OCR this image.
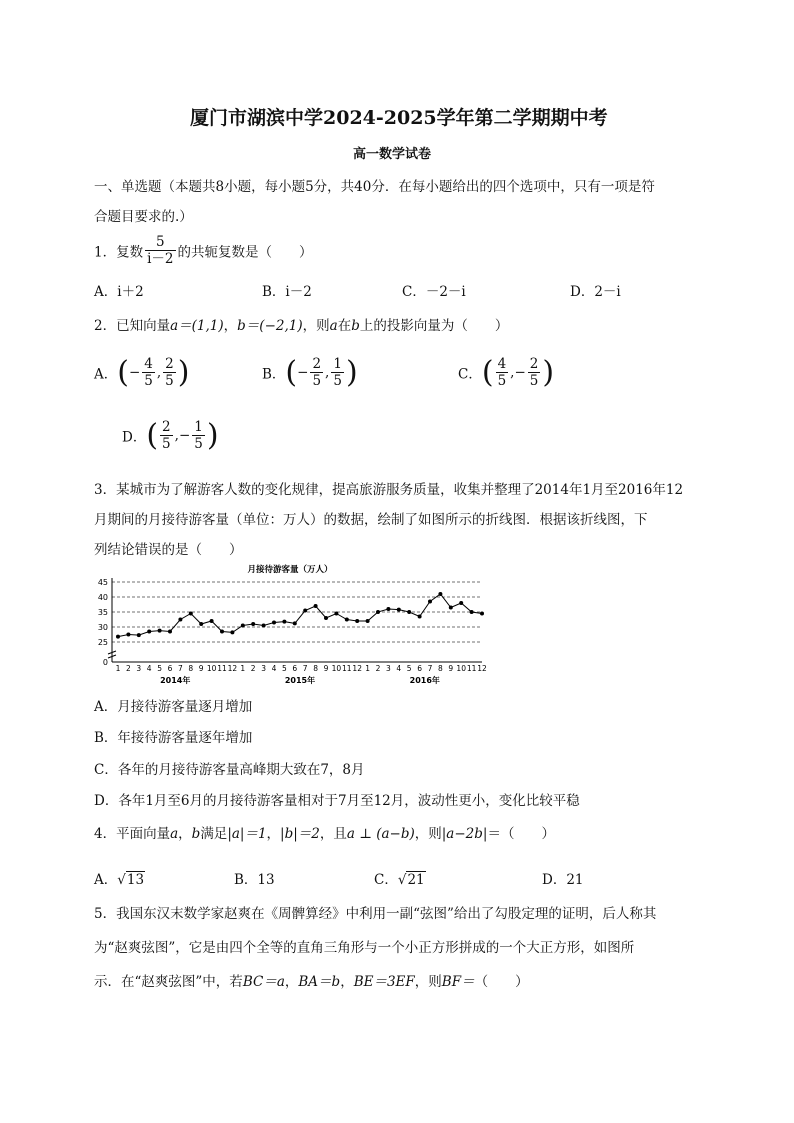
厦门市湖滨中学2024-2025学年第二学期期中考
高一数学试卷
一、单选题（本题共8小题，每小题5分，共40分．在每小题给出的四个选项中，只有一项是符
合题目要求的.）
1．复数 $\frac{5}{i-2}$ 的共轭复数是（　　）
A．i＋2	B．i－2	C．－2－i	D．2－i
2．已知向量a＝(1,1)，b＝(−2,1)，则a在b上的投影向量为（　　）
A．(− $\frac{4}{5}$ , $\frac{2}{5}$ )	B．(− $\frac{2}{5}$ , $\frac{1}{5}$ )	C．( $\frac{4}{5}$ ,− $\frac{2}{5}$ )
D．( $\frac{2}{5}$ ,− $\frac{1}{5}$ )
3．某城市为了解游客人数的变化规律，提高旅游服务质量，收集并整理了2014年1月至2016年12
月期间的月接待游客量（单位：万人）的数据，绘制了如图所示的折线图．根据该折线图，下
列结论错误的是（　　）
月接待游客量（万人）
0
25
30
35
40
45
1 2 3 4 5 6 7 8 9 10 11 12 1 2 3 4 5 6 7 8 9 10 11 12 1 2 3 4 5 6 7 8 9 10 11 12
2014年	2015年	2016年
A．月接待游客量逐月增加
B．年接待游客量逐年增加
C．各年的月接待游客量高峰期大致在7，8月
D．各年1月至6月的月接待游客量相对于7月至12月，波动性更小，变化比较平稳
4．平面向量a，b满足|a|＝1，|b|＝2，且a ⊥ (a−b)，则|a−2b|＝（　　）
A．√13	B．13	C．√21	D．21
5．我国东汉末数学家赵爽在《周髀算经》中利用一副“弦图”给出了勾股定理的证明，后人称其
为“赵爽弦图”，它是由四个全等的直角三角形与一个小正方形拼成的一个大正方形，如图所
示．在“赵爽弦图”中，若BC＝a，BA＝b，BE＝3EF，则BF＝（　　）
